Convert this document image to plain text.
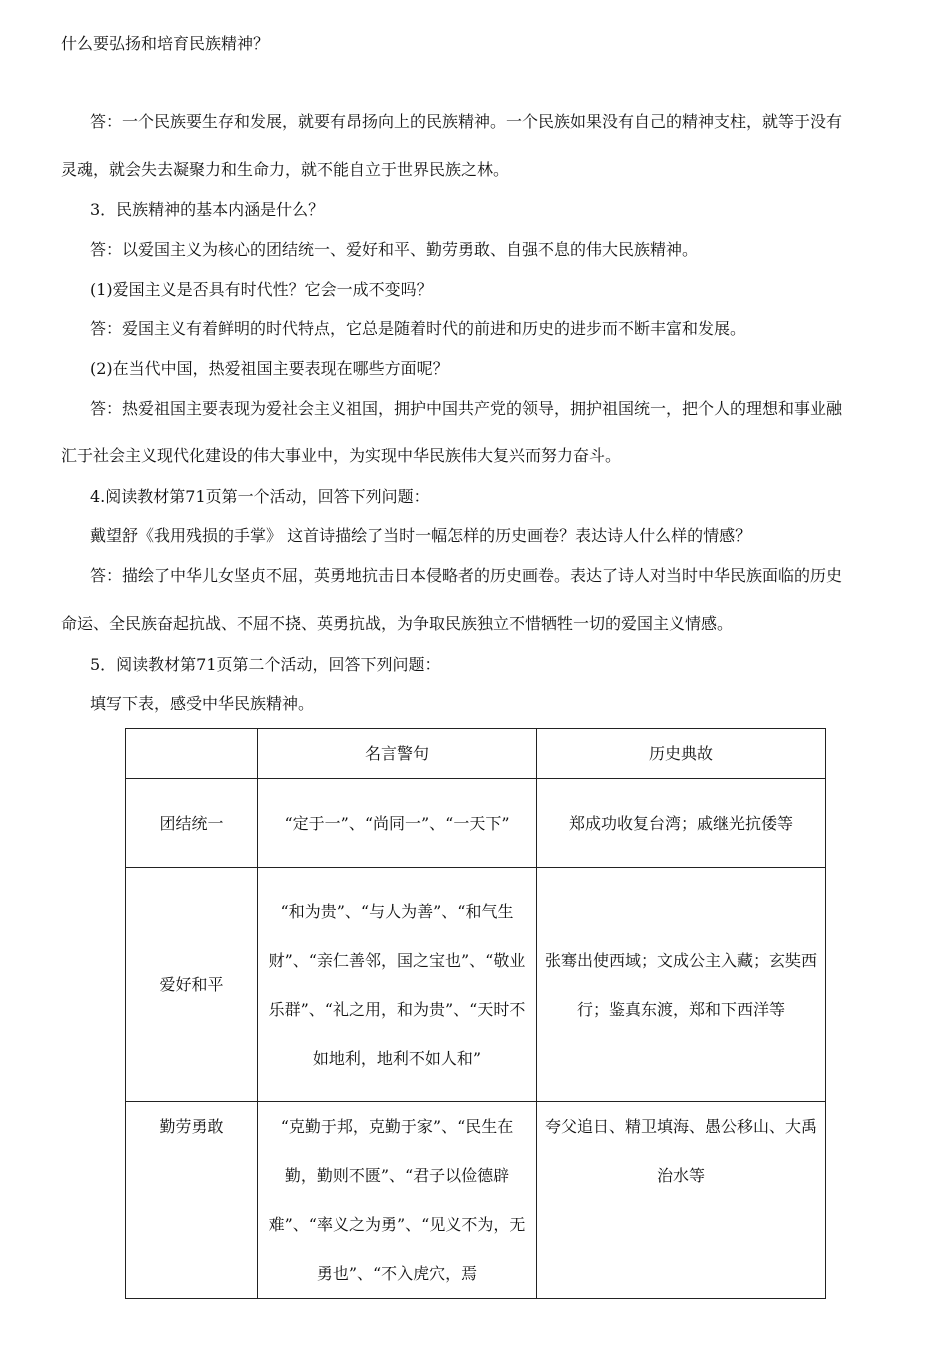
什么要弘扬和培育民族精神？
答：一个民族要生存和发展，就要有昂扬向上的民族精神。一个民族如果没有自己的精神支柱，就等于没有
灵魂，就会失去凝聚力和生命力，就不能自立于世界民族之林。
3．民族精神的基本内涵是什么？
答：以爱国主义为核心的团结统一、爱好和平、勤劳勇敢、自强不息的伟大民族精神。
(1)爱国主义是否具有时代性？它会一成不变吗？
答：爱国主义有着鲜明的时代特点，它总是随着时代的前进和历史的进步而不断丰富和发展。
(2)在当代中国，热爱祖国主要表现在哪些方面呢？
答：热爱祖国主要表现为爱社会主义祖国，拥护中国共产党的领导，拥护祖国统一，把个人的理想和事业融
汇于社会主义现代化建设的伟大事业中，为实现中华民族伟大复兴而努力奋斗。
4.阅读教材第71页第一个活动，回答下列问题：
戴望舒《我用残损的手掌》 这首诗描绘了当时一幅怎样的历史画卷？表达诗人什么样的情感？
答：描绘了中华儿女坚贞不屈，英勇地抗击日本侵略者的历史画卷。表达了诗人对当时中华民族面临的历史
命运、全民族奋起抗战、不屈不挠、英勇抗战，为争取民族独立不惜牺牲一切的爱国主义情感。
5．阅读教材第71页第二个活动，回答下列问题：
填写下表，感受中华民族精神。
	名言警句	历史典故
团结统一	“定于一”、“尚同一”、“一天下”	郑成功收复台湾；戚继光抗倭等
爱好和平	“和为贵”、“与人为善”、“和气生财”、“亲仁善邻，国之宝也”、“敬业乐群”、“礼之用，和为贵”、“天时不如地利，地利不如人和”	张骞出使西域；文成公主入藏；玄奘西行；鉴真东渡，郑和下西洋等
勤劳勇敢	“克勤于邦，克勤于家”、“民生在勤，勤则不匮”、“君子以俭德辟难”、“率义之为勇”、“见义不为，无勇也”、“不入虎穴，焉	夸父追日、精卫填海、愚公移山、大禹治水等
